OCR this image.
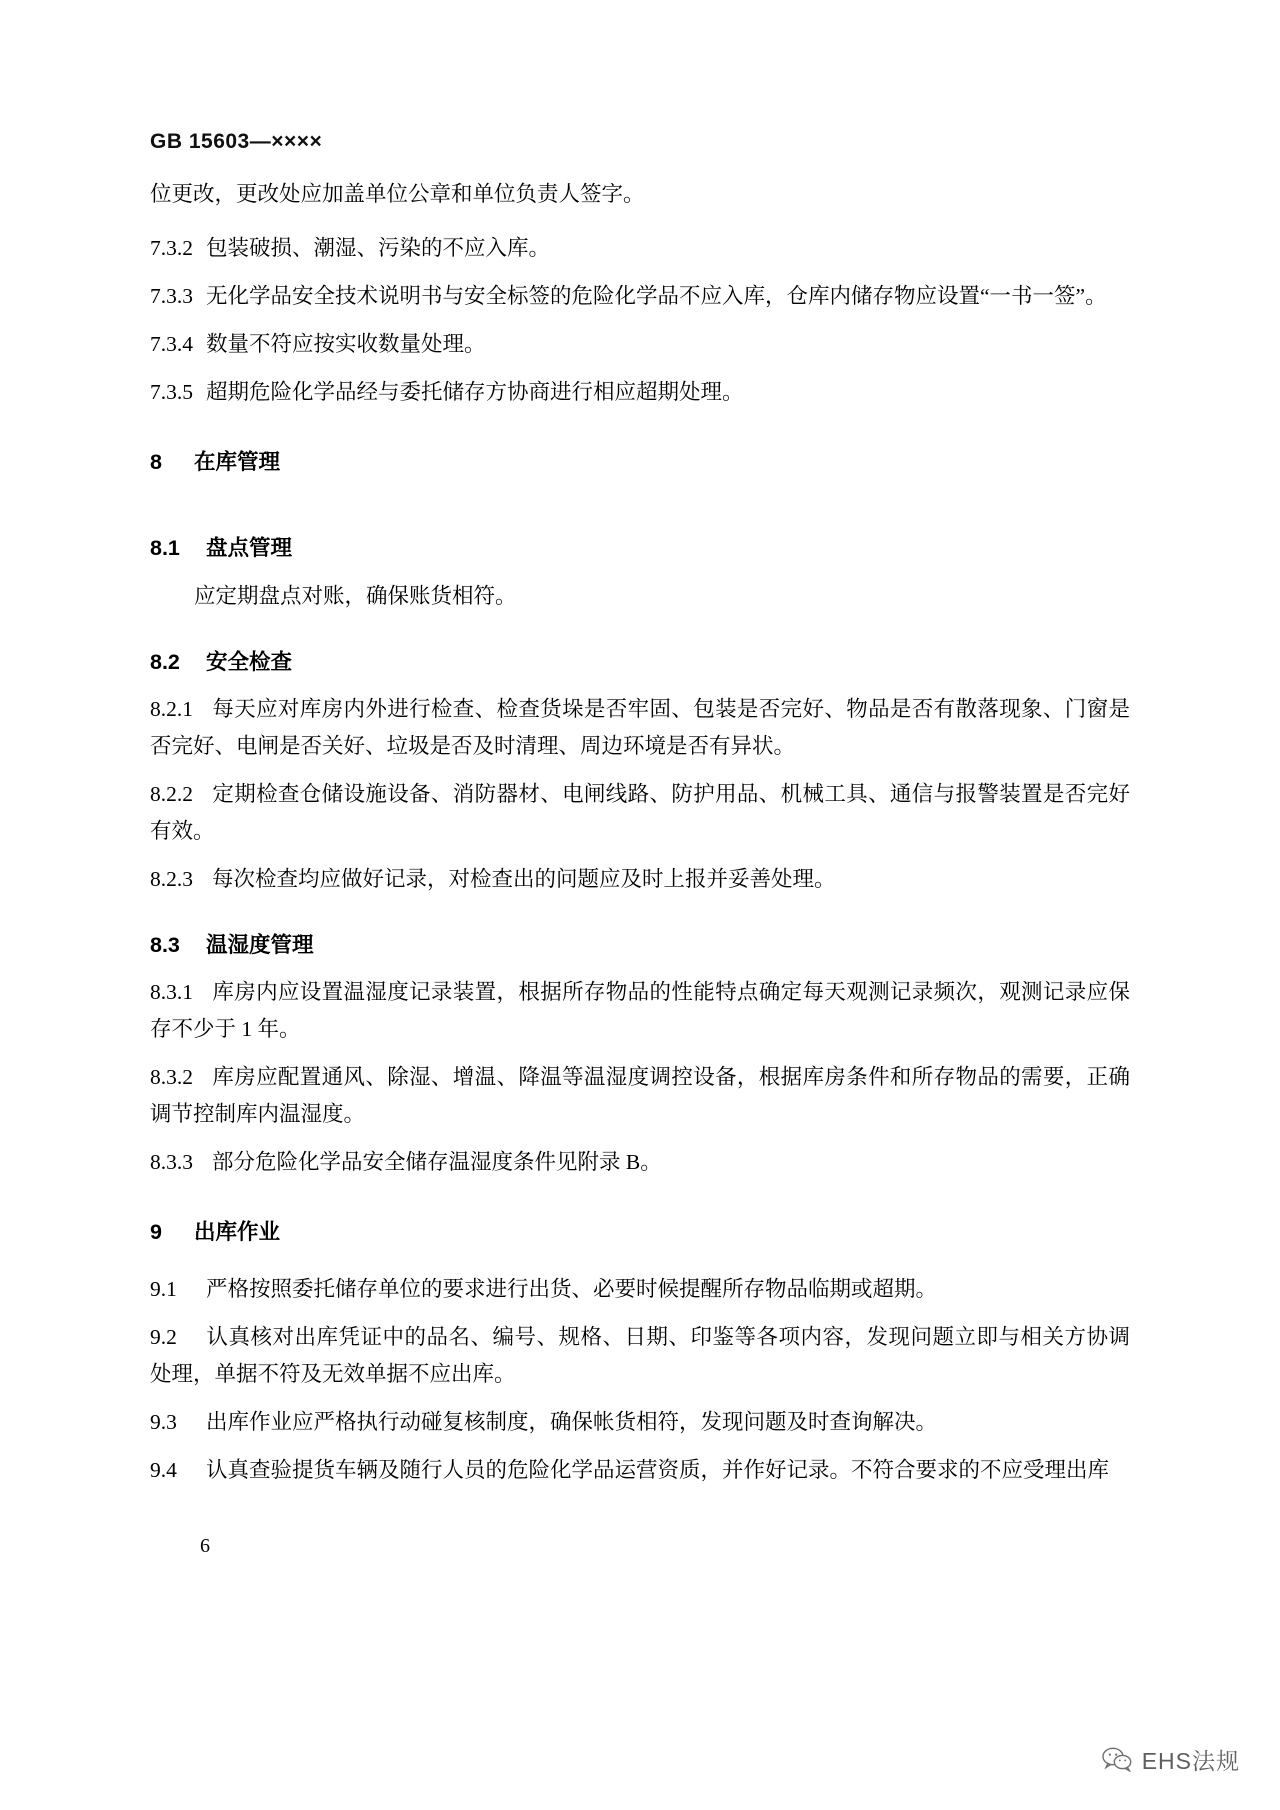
GB 15603—××××
位更改，更改处应加盖单位公章和单位负责人签字。
7.3.2 包装破损、潮湿、污染的不应入库。
7.3.3 无化学品安全技术说明书与安全标签的危险化学品不应入库，仓库内储存物应设置“一书一签”。
7.3.4 数量不符应按实收数量处理。
7.3.5 超期危险化学品经与委托储存方协商进行相应超期处理。
8 在库管理
8.1 盘点管理
应定期盘点对账，确保账货相符。
8.2 安全检查
8.2.1 每天应对库房内外进行检查、检查货垛是否牢固、包装是否完好、物品是否有散落现象、门窗是否完好、电闸是否关好、垃圾是否及时清理、周边环境是否有异状。
8.2.2 定期检查仓储设施设备、消防器材、电闸线路、防护用品、机械工具、通信与报警装置是否完好有效。
8.2.3 每次检查均应做好记录，对检查出的问题应及时上报并妥善处理。
8.3 温湿度管理
8.3.1 库房内应设置温湿度记录装置，根据所存物品的性能特点确定每天观测记录频次，观测记录应保存不少于 1 年。
8.3.2 库房应配置通风、除湿、增温、降温等温湿度调控设备，根据库房条件和所存物品的需要，正确调节控制库内温湿度。
8.3.3 部分危险化学品安全储存温湿度条件见附录 B。
9 出库作业
9.1 严格按照委托储存单位的要求进行出货、必要时候提醒所存物品临期或超期。
9.2 认真核对出库凭证中的品名、编号、规格、日期、印鉴等各项内容，发现问题立即与相关方协调处理，单据不符及无效单据不应出库。
9.3 出库作业应严格执行动碰复核制度，确保帐货相符，发现问题及时查询解决。
9.4 认真查验提货车辆及随行人员的危险化学品运营资质，并作好记录。不符合要求的不应受理出库
6
EHS法规
